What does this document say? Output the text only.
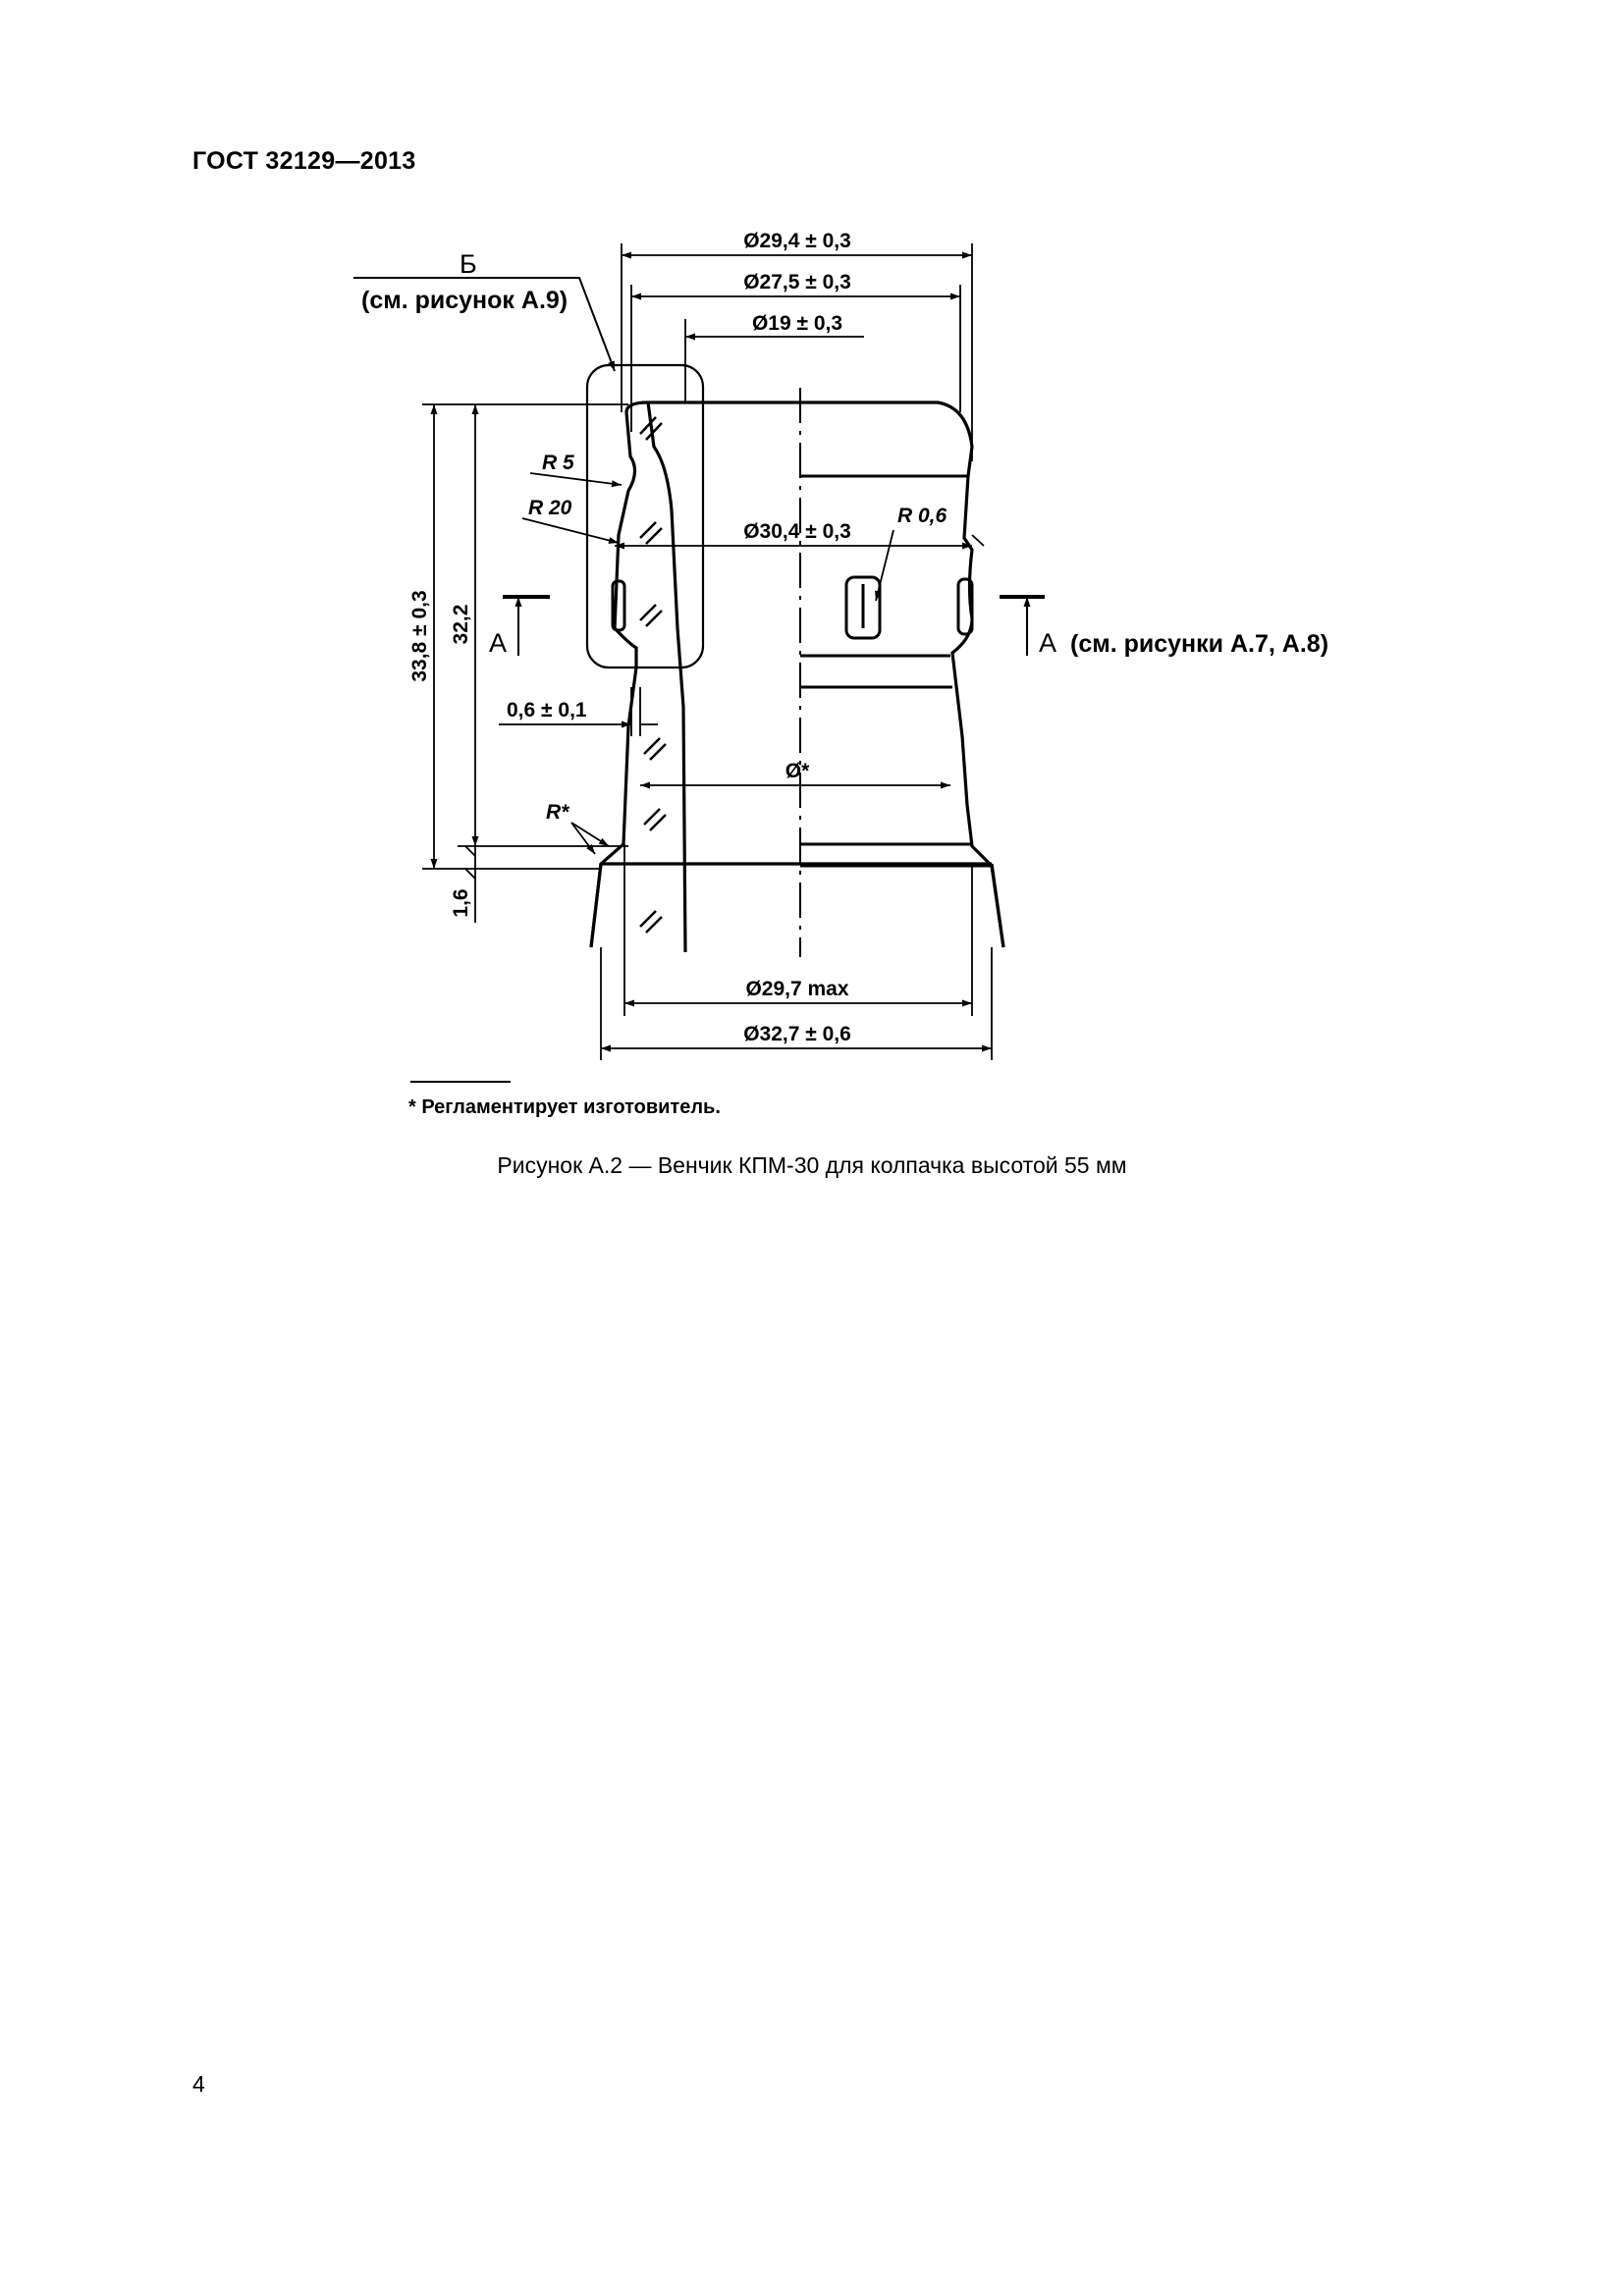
ГОСТ 32129—2013
Ø29,4 ± 0,3
Ø27,5 ± 0,3
Ø19 ± 0,3
Ø30,4 ± 0,3
Ø*
Ø29,7 max
Ø32,7 ± 0,6
33,8 ± 0,3 32,2
1,6
0,6 ± 0,1
R 5
R 20	R 0,6
R*
Б
(см. рисунок А.9)
А	А (см. рисунки А.7, А.8)
* Регламентирует изготовитель.
Рисунок А.2 — Венчик КПМ-30 для колпачка высотой 55 мм
4
